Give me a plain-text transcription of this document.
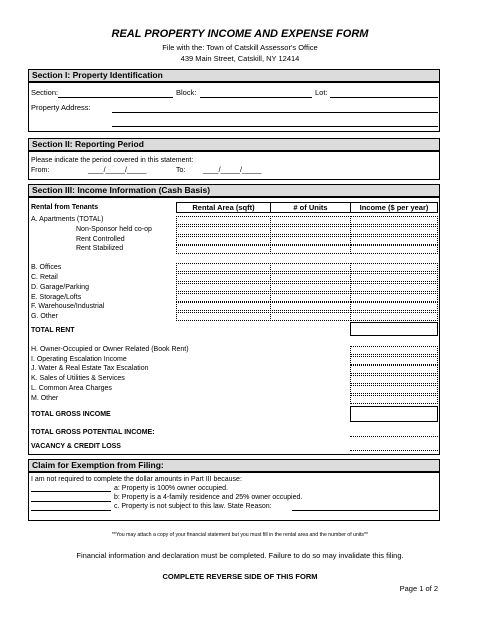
REAL PROPERTY INCOME AND EXPENSE FORM
File with the: Town of Catskill Assessor's Office
439 Main Street, Catskill, NY 12414
Section I: Property Identification
Section:	Block:	Lot:
Property Address:
Section II: Reporting Period
Please indicate the period covered in this statement:
From:	____/_____/_____	To:	____/_____/_____
Section III: Income Information (Cash Basis)
Rental from Tenants	Rental Area (sqft)	# of Units	Income ($ per year)
A. Apartments (TOTAL)
Non-Sponsor held co-op
Rent Controlled
Rent Stabilized
B. Offices
C. Retail
D. Garage/Parking
E. Storage/Lofts
F. Warehouse/Industrial
G. Other
TOTAL RENT
H. Owner-Occupied or Owner Related (Book Rent)
I. Operating Escalation Income
J. Water & Real Estate Tax Escalation
K. Sales of Utilities & Services
L. Common Area Charges
M. Other
TOTAL GROSS INCOME
TOTAL GROSS POTENTIAL INCOME:
VACANCY & CREDIT LOSS
Claim for Exemption from Filing:
I am not required to complete the dollar amounts in Part III because:
a: Property is 100% owner occupied.
b: Property is a 4-family residence and 25% owner occupied.
c. Property is not subject to this law. State Reason:
**You may attach a copy of your financial statement but you must fill in the rental area and the number of units**
Financial information and declaration must be completed. Failure to do so may invalidate this filing.
COMPLETE REVERSE SIDE OF THIS FORM
Page 1 of 2
